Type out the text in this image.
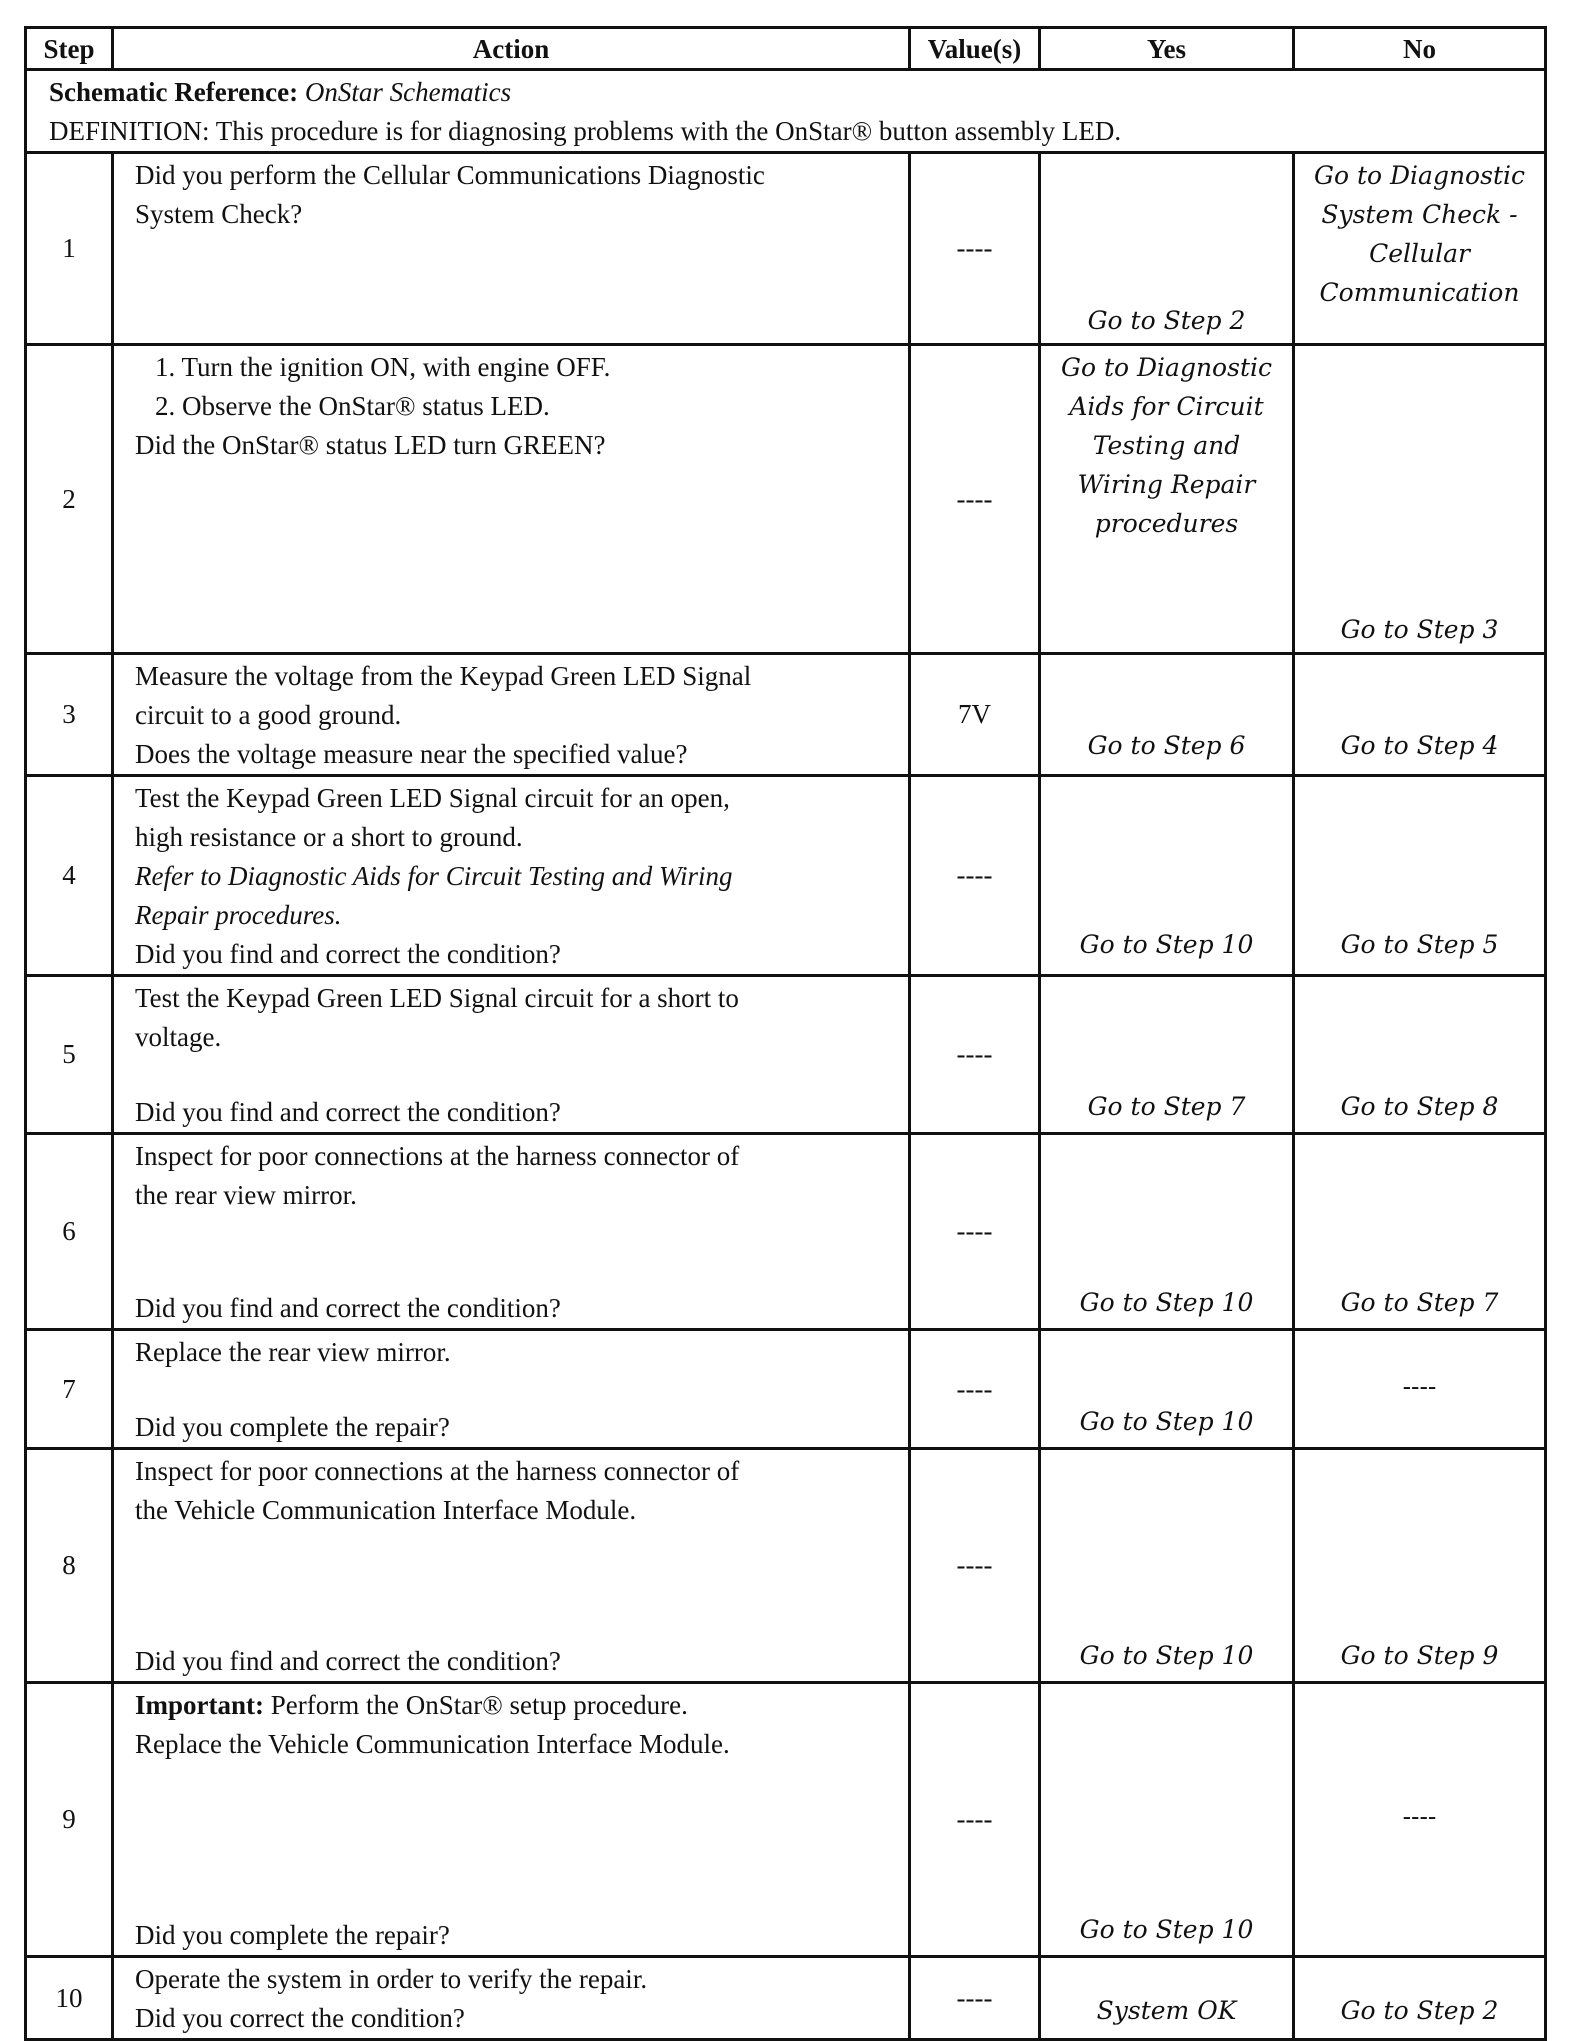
Step	Action	Value(s)	Yes	No

Schematic Reference: OnStar Schematics
DEFINITION: This procedure is for diagnosing problems with the OnStar® button assembly LED.				

1	Did you perform the Cellular Communications Diagnostic
System Check?	----	Go to Step 2	Go to Diagnostic System Check - Cellular Communication

2	1. Turn the ignition ON, with engine OFF.
2. Observe the OnStar® status LED.
Did the OnStar® status LED turn GREEN?	----	Go to Diagnostic Aids for Circuit Testing and Wiring Repair procedures	Go to Step 3

3	Measure the voltage from the Keypad Green LED Signal
circuit to a good ground.
Does the voltage measure near the specified value?	7V	Go to Step 6	Go to Step 4

4	Test the Keypad Green LED Signal circuit for an open,
high resistance or a short to ground.
Refer to Diagnostic Aids for Circuit Testing and Wiring
Repair procedures.
Did you find and correct the condition?	----	Go to Step 10	Go to Step 5

5	Test the Keypad Green LED Signal circuit for a short to
voltage.
Did you find and correct the condition?	----	Go to Step 7	Go to Step 8

6	Inspect for poor connections at the harness connector of
the rear view mirror.
Did you find and correct the condition?	----	Go to Step 10	Go to Step 7

7	Replace the rear view mirror.
Did you complete the repair?	----	Go to Step 10	----

8	Inspect for poor connections at the harness connector of
the Vehicle Communication Interface Module.
Did you find and correct the condition?	----	Go to Step 10	Go to Step 9

9	Important: Perform the OnStar® setup procedure.
Replace the Vehicle Communication Interface Module.
Did you complete the repair?	----	Go to Step 10	----

10	Operate the system in order to verify the repair.
Did you correct the condition?	----	System OK	Go to Step 2
